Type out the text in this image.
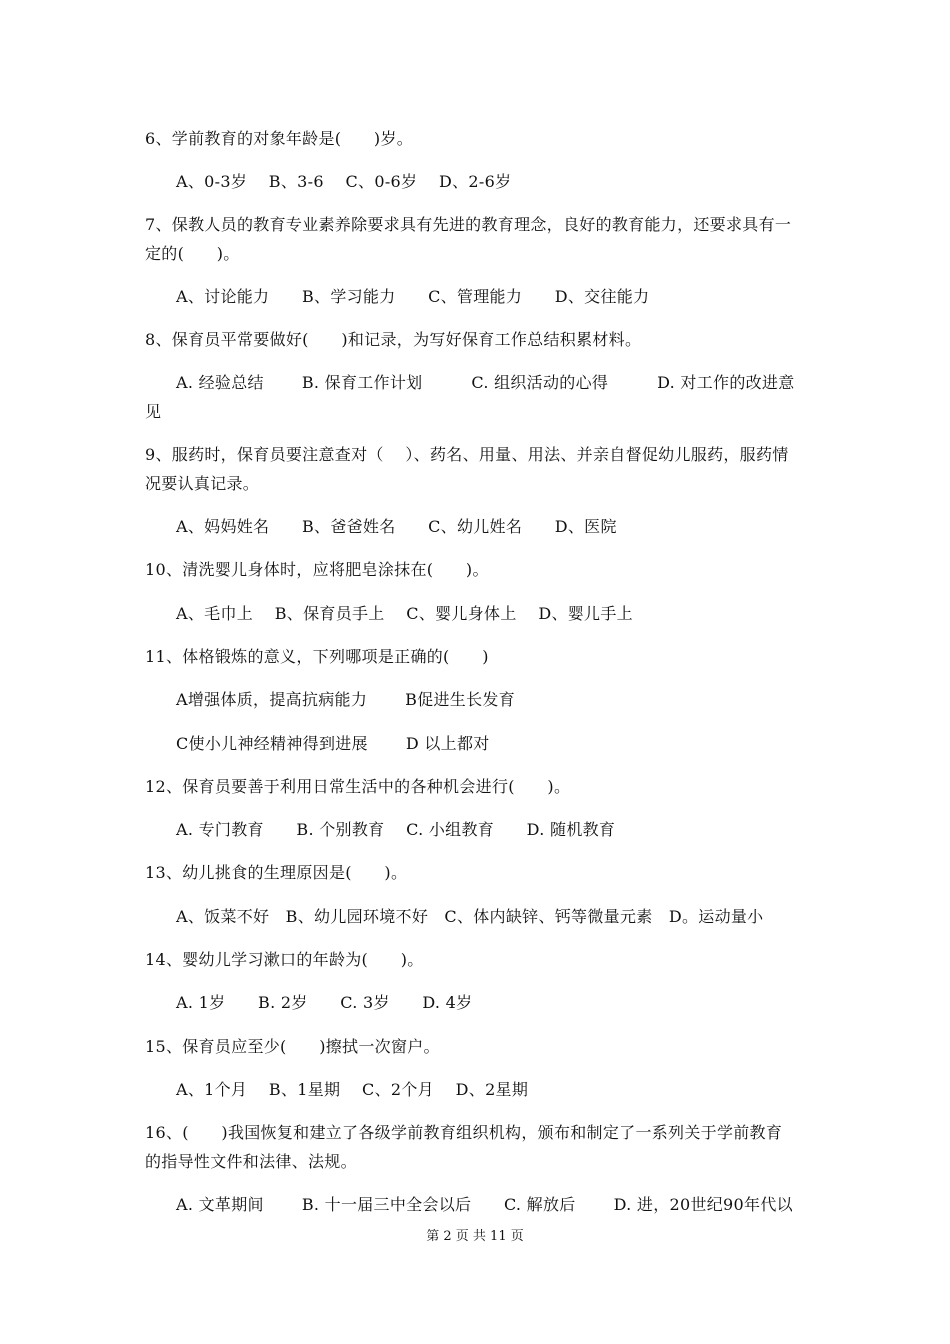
6、学前教育的对象年龄是(　　)岁。
A、0-3岁　 B、3-6　 C、0-6岁　 D、2-6岁
7、保教人员的教育专业素养除要求具有先进的教育理念，良好的教育能力，还要求具有一
定的(　　)。
A、讨论能力　　B、学习能力　　C、管理能力　　D、交往能力
8、保育员平常要做好(　　)和记录，为写好保育工作总结积累材料。
A. 经验总结　　 B. 保育工作计划　　　C. 组织活动的心得　　　D. 对工作的改进意
见
9、服药时，保育员要注意查对（　 ）、药名、用量、用法、并亲自督促幼儿服药，服药情
况要认真记录。
A、妈妈姓名　　B、爸爸姓名　　C、幼儿姓名　　D、医院
10、清洗婴儿身体时，应将肥皂涂抹在(　　)。
A、毛巾上　 B、保育员手上　 C、婴儿身体上　 D、婴儿手上
11、体格锻炼的意义，下列哪项是正确的(　　)
A增强体质，提高抗病能力　　 B促进生长发育
C使小儿神经精神得到进展　　 D 以上都对
12、保育员要善于利用日常生活中的各种机会进行(　　)。
A. 专门教育　　B. 个别教育　 C. 小组教育　　D. 随机教育
13、幼儿挑食的生理原因是(　　)。
A、饭菜不好　B、幼儿园环境不好　C、体内缺锌、钙等微量元素　D。运动量小
14、婴幼儿学习漱口的年龄为(　　)。
A. 1岁　　B. 2岁　　C. 3岁　　D. 4岁
15、保育员应至少(　　)擦拭一次窗户。
A、1个月　 B、1星期　 C、2个月　 D、2星期
16、(　　)我国恢复和建立了各级学前教育组织机构，颁布和制定了一系列关于学前教育
的指导性文件和法律、法规。
A. 文革期间　　 B. 十一届三中全会以后　　C. 解放后　　 D. 进，20世纪90年代以
第 2 页 共 11 页
